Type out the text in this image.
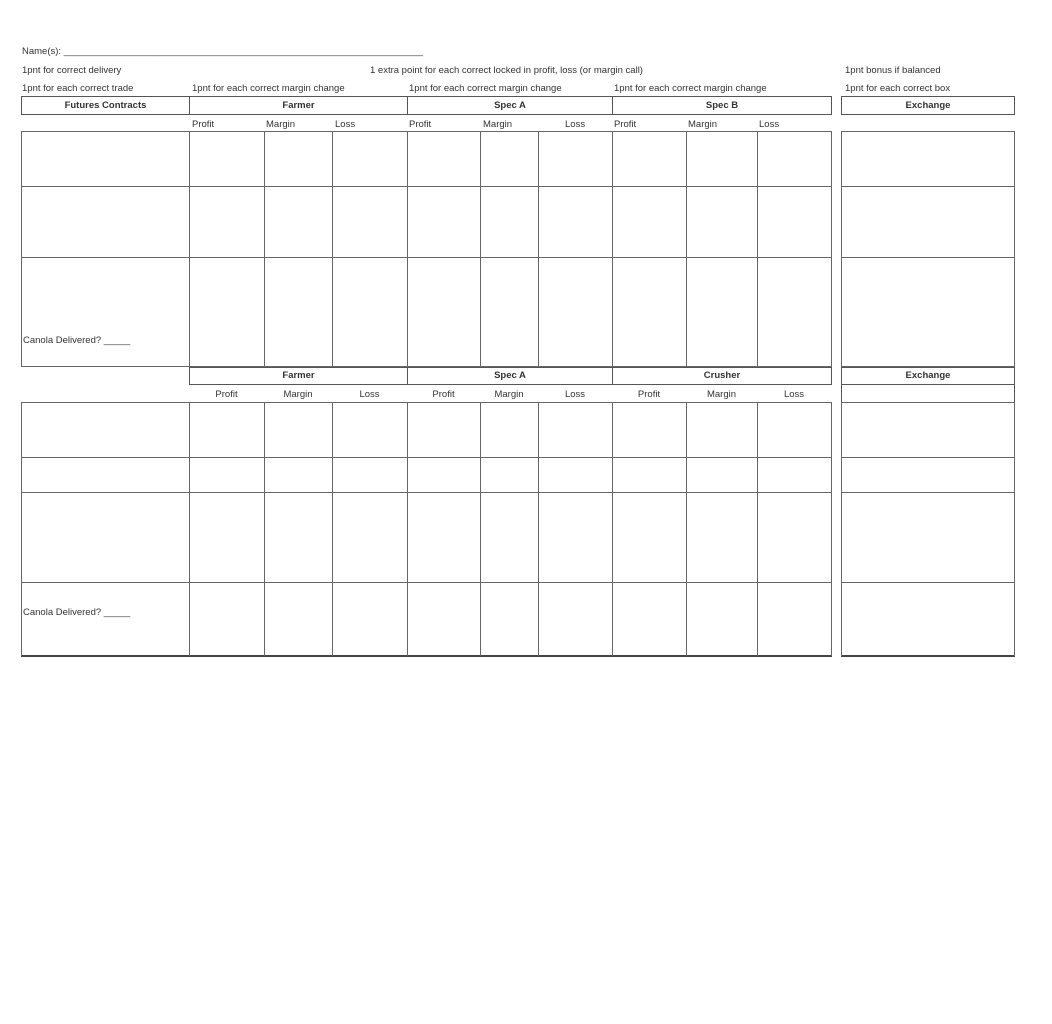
Name(s): ____________________________________________________________________
1pnt for correct delivery	1 extra point for each correct locked in profit, loss (or margin call)	1pnt bonus if balanced
1pnt for each correct trade	1pnt for each correct margin change	1pnt for each correct margin change	1pnt for each correct margin change	1pnt for each correct box
Futures Contracts	Farmer	Spec A	Spec B	Exchange
Profit	Margin	Loss	Profit	Margin	Loss	Profit	Margin	Loss
Canola Delivered? _____
Farmer	Spec A	Crusher	Exchange
Profit	Margin	Loss	Profit	Margin	Loss	Profit	Margin	Loss
Canola Delivered? _____
